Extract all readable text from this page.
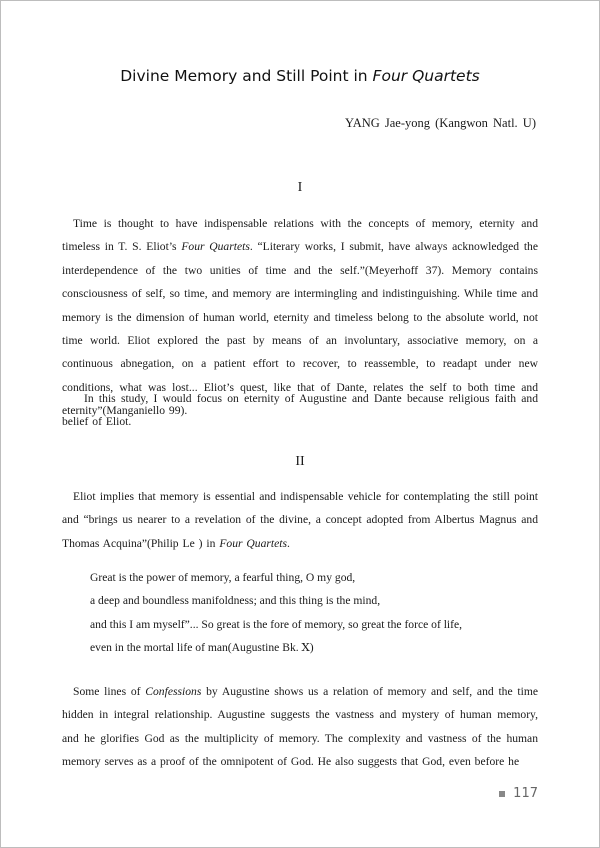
Divine Memory and Still Point in Four Quartets
YANG Jae-yong (Kangwon Natl. U)
I

Time is thought to have indispensable relations with the concepts of memory, eternity and timeless in T. S. Eliot’s Four Quartets. “Literary works, I submit, have always acknowledged the interdependence of the two unities of time and the self.”(Meyerhoff 37). Memory contains consciousness of self, so time, and memory are intermingling and indistinguishing. While time and memory is the dimension of human world, eternity and timeless belong to the absolute world, not time world. Eliot explored the past by means of an involuntary, associative memory, on a continuous abnegation, on a patient effort to recover, to reassemble, to readapt under new conditions, what was lost... Eliot’s quest, like that of Dante, relates the self to both time and eternity”(Manganiello 99).

In this study, I would focus on eternity of Augustine and Dante because religious faith and belief of Eliot.

II

Eliot implies that memory is essential and indispensable vehicle for contemplating the still point and “brings us nearer to a revelation of the divine, a concept adopted from Albertus Magnus and Thomas Acquina”(Philip Le ) in Four Quartets.

Great is the power of memory, a fearful thing, O my god,
a deep and boundless manifoldness; and this thing is the mind,
and this I am myself”... So great is the fore of memory, so great the force of life,
even in the mortal life of man(Augustine Bk. Ⅹ)

Some lines of Confessions by Augustine shows us a relation of memory and self, and the time hidden in integral relationship. Augustine suggests the vastness and mystery of human memory, and he glorifies God as the multiplicity of memory. The complexity and vastness of the human memory serves as a proof of the omnipotent of God. He also suggests that God, even before he

117
